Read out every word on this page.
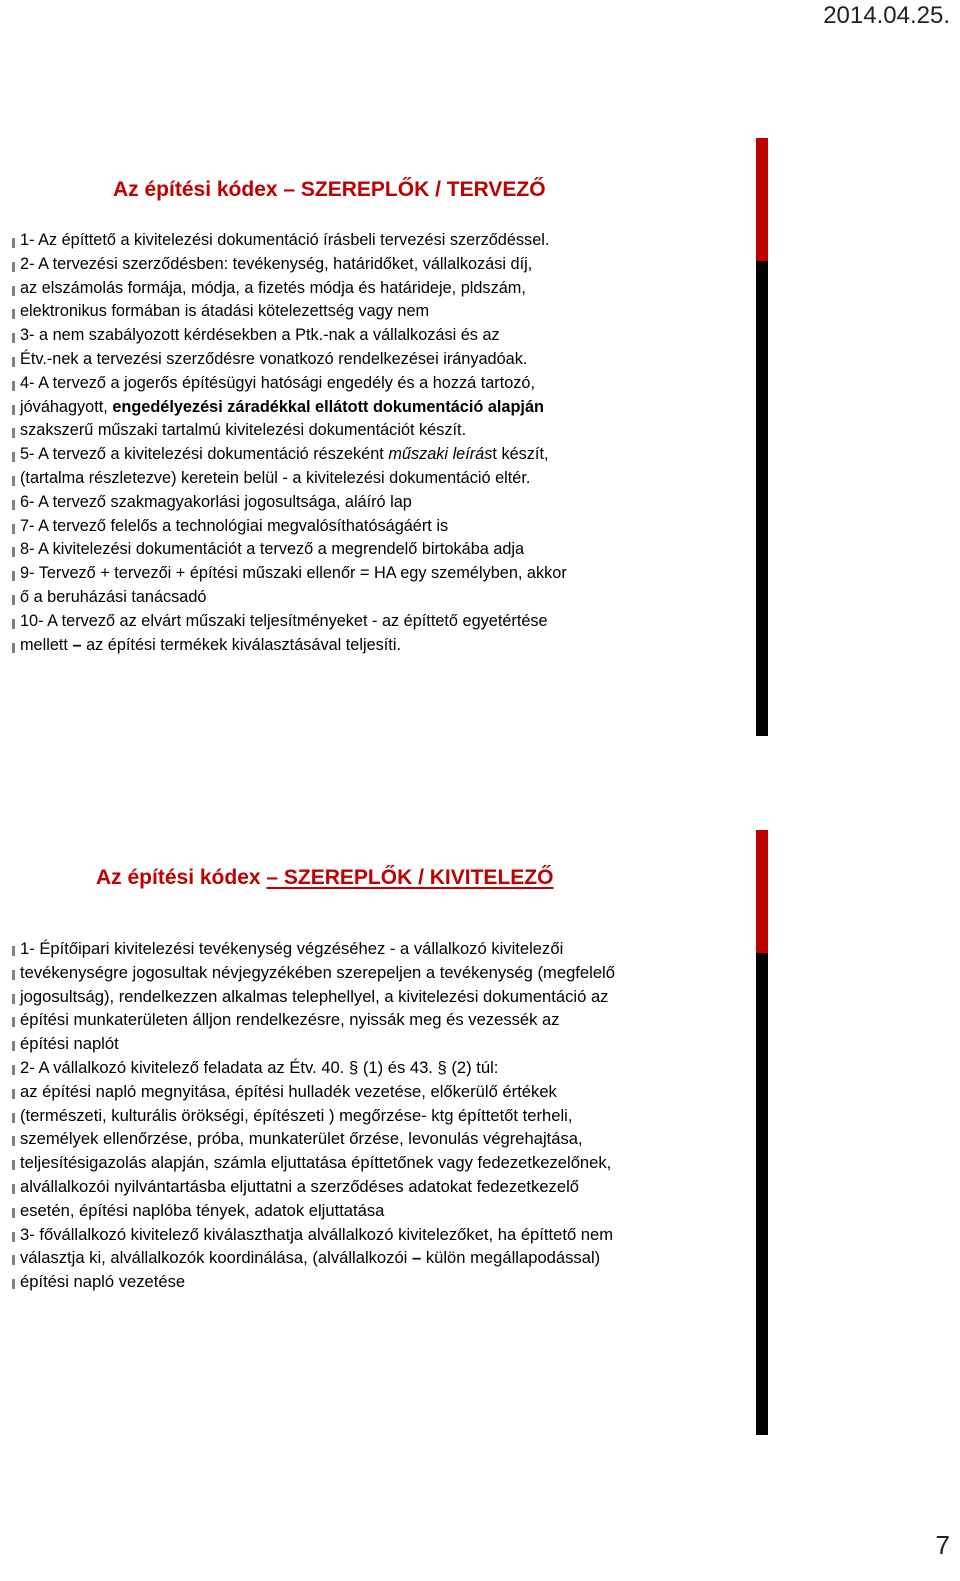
2014.04.25.
7
Az építési kódex – SZEREPLŐK / TERVEZŐ
1- Az építtető a kivitelezési dokumentáció írásbeli tervezési szerződéssel.
2- A tervezési szerződésben: tevékenység, határidőket, vállalkozási díj,
az elszámolás formája, módja, a fizetés módja és határideje, pldszám,
elektronikus formában is átadási kötelezettség vagy nem
3- a nem szabályozott kérdésekben a Ptk.-nak a vállalkozási és az
Étv.-nek a tervezési szerződésre vonatkozó rendelkezései irányadóak.
4- A tervező a jogerős építésügyi hatósági engedély és a hozzá tartozó,
jóváhagyott, engedélyezési záradékkal ellátott dokumentáció alapján
szakszerű műszaki tartalmú kivitelezési dokumentációt készít.
5- A tervező a kivitelezési dokumentáció részeként műszaki leírást készít,
(tartalma részletezve) keretein belül - a kivitelezési dokumentáció eltér.
6- A tervező szakmagyakorlási jogosultsága, aláíró lap
7- A tervező felelős a technológiai megvalósíthatóságáért is
8- A kivitelezési dokumentációt a tervező a megrendelő birtokába adja
9- Tervező + tervezői + építési műszaki ellenőr = HA egy személyben, akkor
ő a beruházási tanácsadó
10- A tervező az elvárt műszaki teljesítményeket - az építtető egyetértése
mellett – az építési termékek kiválasztásával teljesíti.
Az építési kódex – SZEREPLŐK / KIVITELEZŐ
1- Építőipari kivitelezési tevékenység végzéséhez - a vállalkozó kivitelezői
tevékenységre jogosultak névjegyzékében szerepeljen a tevékenység (megfelelő
jogosultság), rendelkezzen alkalmas telephellyel, a kivitelezési dokumentáció az
építési munkaterületen álljon rendelkezésre, nyissák meg és vezessék az
építési naplót
2- A vállalkozó kivitelező feladata az Étv. 40. § (1) és 43. § (2) túl:
az építési napló megnyitása, építési hulladék vezetése, előkerülő értékek
(természeti, kulturális örökségi, építészeti ) megőrzése- ktg építtetőt terheli,
személyek ellenőrzése, próba, munkaterület őrzése, levonulás végrehajtása,
teljesítésigazolás alapján, számla eljuttatása építtetőnek vagy fedezetkezelőnek,
alvállalkozói nyilvántartásba eljuttatni a szerződéses adatokat fedezetkezelő
esetén, építési naplóba tények, adatok eljuttatása
3- fővállalkozó kivitelező kiválaszthatja alvállalkozó kivitelezőket, ha építtető nem
választja ki, alvállalkozók koordinálása, (alvállalkozói – külön megállapodással)
építési napló vezetése
